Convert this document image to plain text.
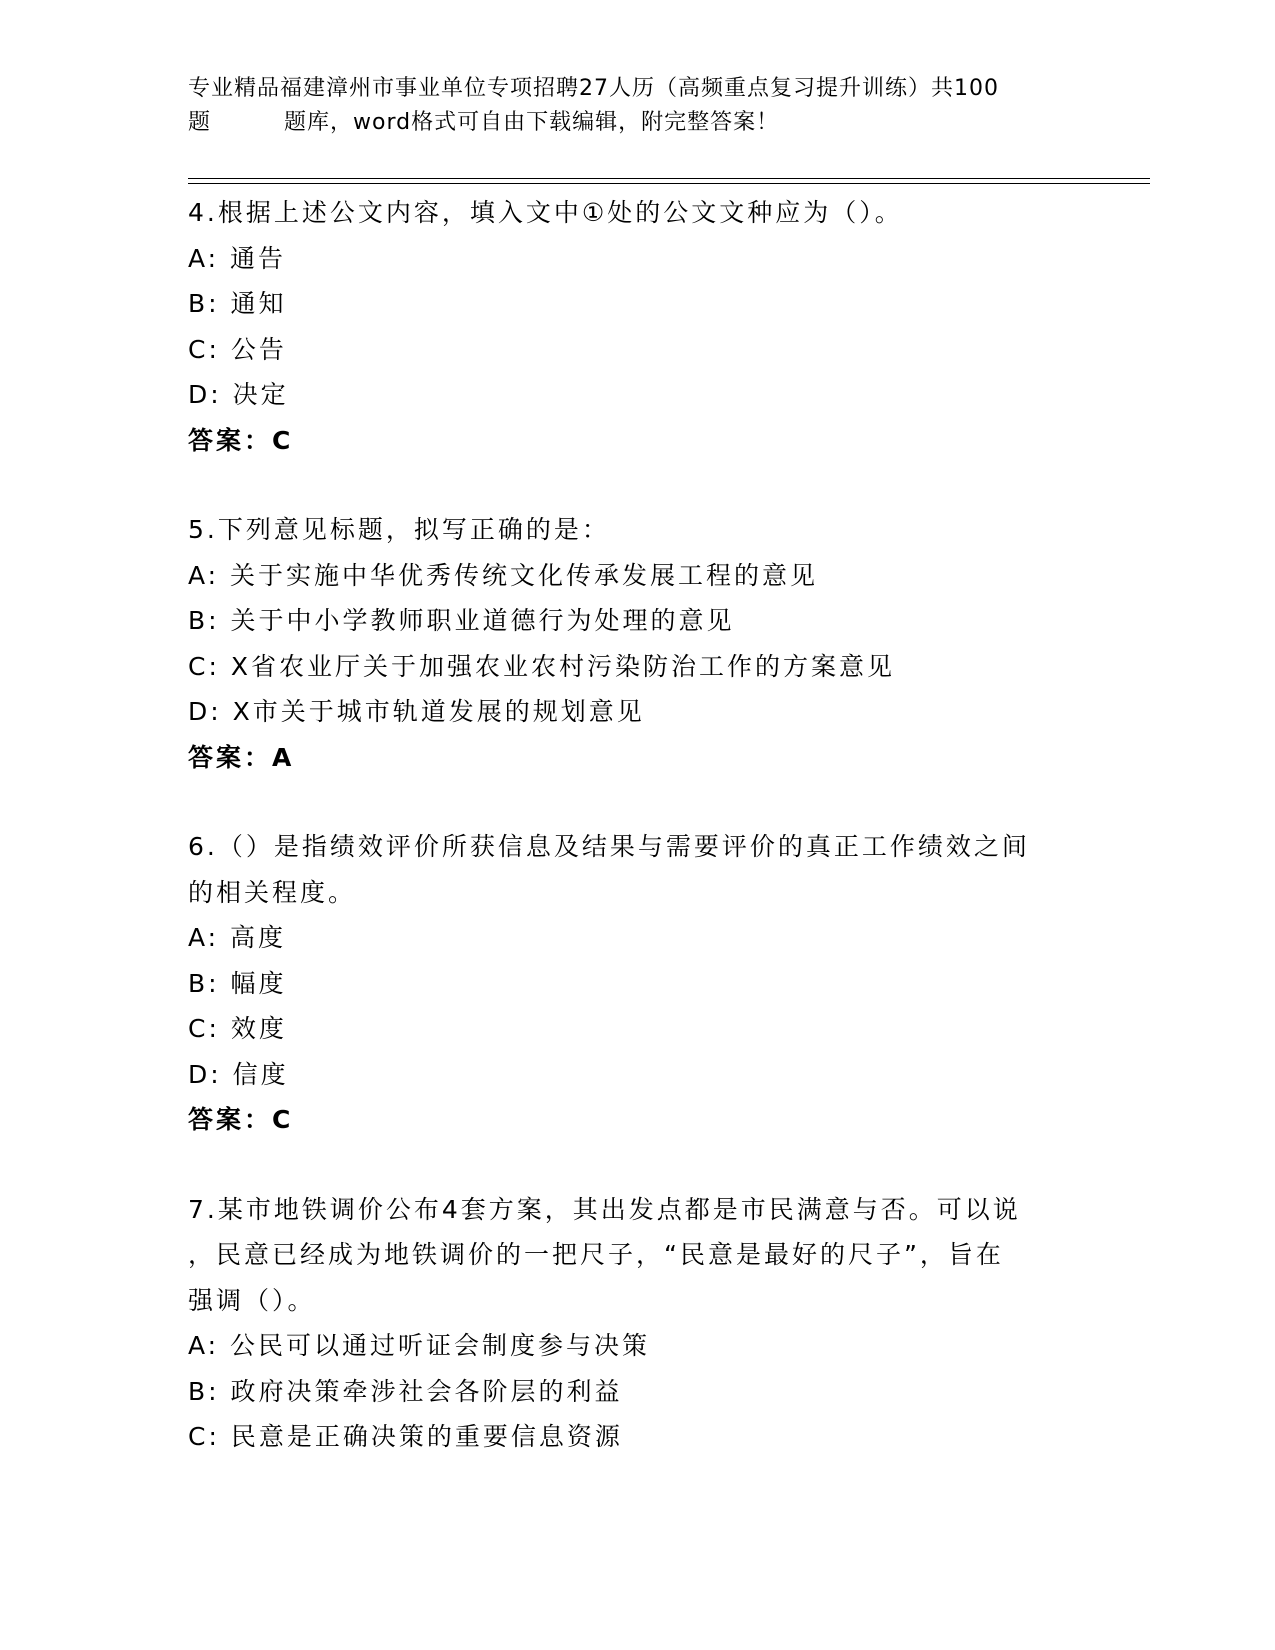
专业精品福建漳州市事业单位专项招聘27人历（高频重点复习提升训练）共100
题	题库，word格式可自由下载编辑，附完整答案！
4.根据上述公文内容，填入文中①处的公文文种应为（）。
A: 通告
B: 通知
C: 公告
D: 决定
答案：C
5.下列意见标题，拟写正确的是：
A: 关于实施中华优秀传统文化传承发展工程的意见
B: 关于中小学教师职业道德行为处理的意见
C: X省农业厅关于加强农业农村污染防治工作的方案意见
D: X市关于城市轨道发展的规划意见
答案：A
6.（）是指绩效评价所获信息及结果与需要评价的真正工作绩效之间
的相关程度。
A: 高度
B: 幅度
C: 效度
D: 信度
答案：C
7.某市地铁调价公布4套方案，其出发点都是市民满意与否。可以说
，民意已经成为地铁调价的一把尺子，“民意是最好的尺子”，旨在
强调（）。
A: 公民可以通过听证会制度参与决策
B: 政府决策牵涉社会各阶层的利益
C: 民意是正确决策的重要信息资源
